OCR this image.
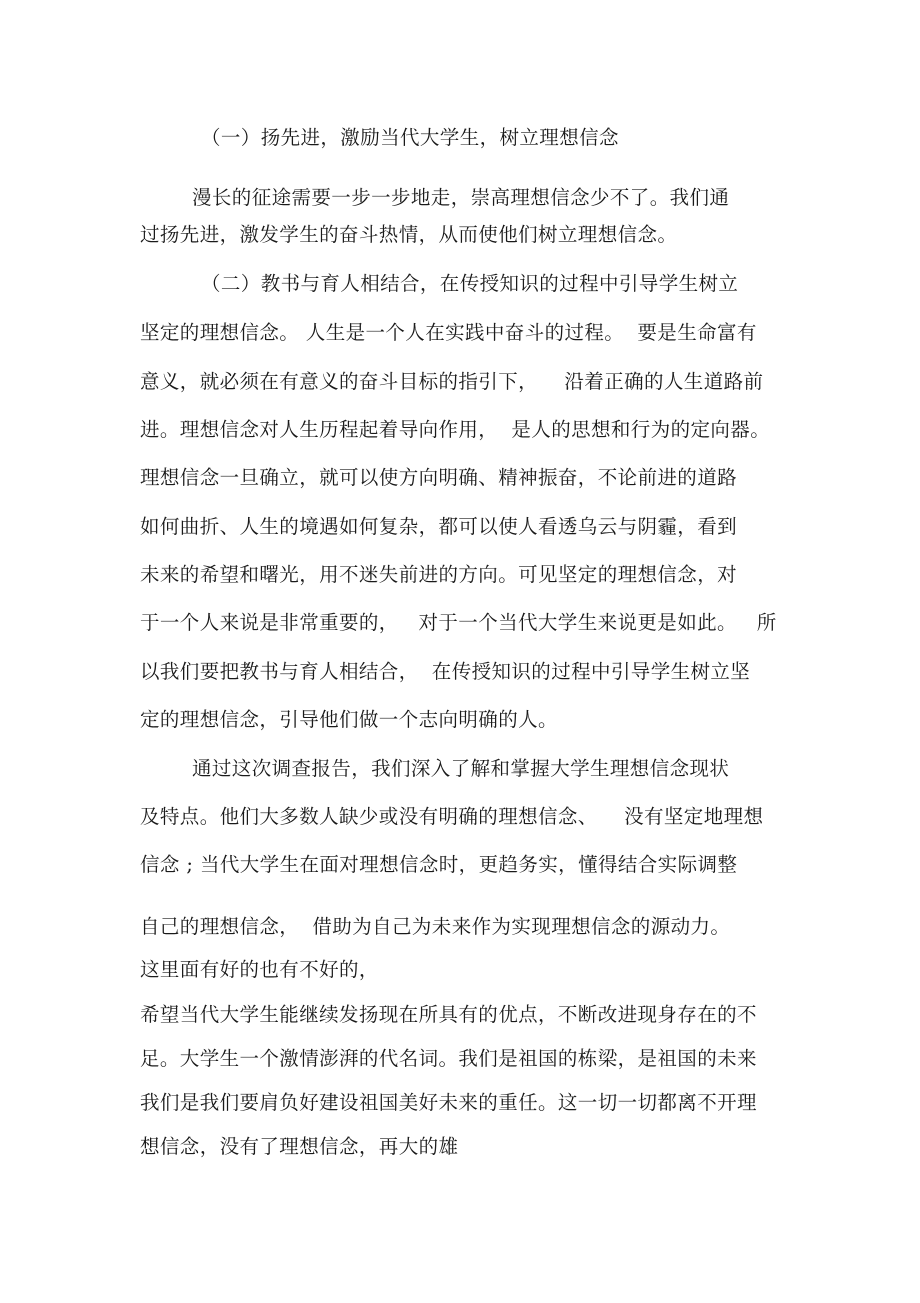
（一）扬先进，激励当代大学生，树立理想信念
漫长的征途需要一步一步地走，崇高理想信念少不了。我们通
过扬先进，激发学生的奋斗热情，从而使他们树立理想信念。
（二）教书与育人相结合，在传授知识的过程中引导学生树立
坚定的理想信念。 人生是一个人在实践中奋斗的过程。  要是生命富有
意义，就必须在有意义的奋斗目标的指引下，    沿着正确的人生道路前
进。理想信念对人生历程起着导向作用，  是人的思想和行为的定向器。
理想信念一旦确立，就可以使方向明确、精神振奋，不论前进的道路
如何曲折、人生的境遇如何复杂，都可以使人看透乌云与阴霾，看到
未来的希望和曙光，用不迷失前进的方向。可见坚定的理想信念，对
于一个人来说是非常重要的，   对于一个当代大学生来说更是如此。   所
以我们要把教书与育人相结合，  在传授知识的过程中引导学生树立坚
定的理想信念，引导他们做一个志向明确的人。
通过这次调查报告，我们深入了解和掌握大学生理想信念现状
及特点。他们大多数人缺少或没有明确的理想信念、    没有坚定地理想
信念 ; 当代大学生在面对理想信念时，更趋务实，懂得结合实际调整
自己的理想信念，  借助为自己为未来作为实现理想信念的源动力。
这里面有好的也有不好的，
希望当代大学生能继续发扬现在所具有的优点，不断改进现身存在的不
足。大学生一个激情澎湃的代名词。我们是祖国的栋梁，是祖国的未来
我们是我们要肩负好建设祖国美好未来的重任。这一切一切都离不开理
想信念，没有了理想信念，再大的雄
